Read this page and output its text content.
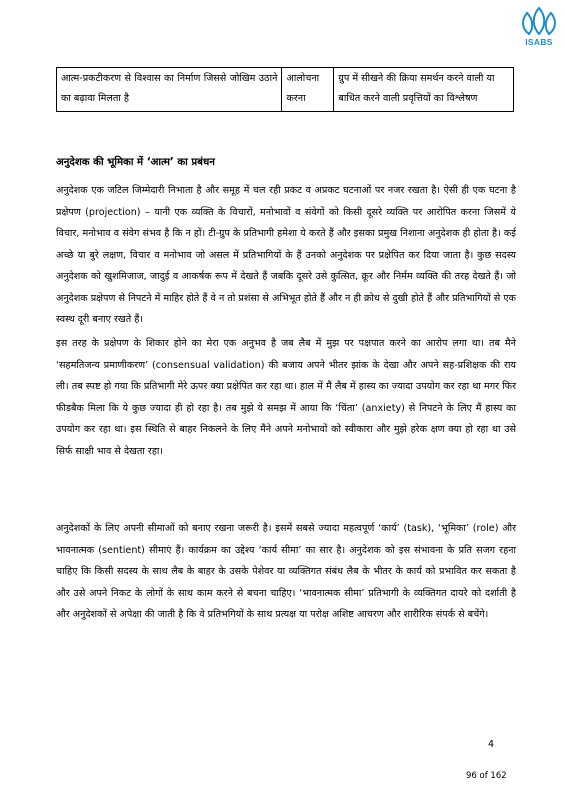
ISABS
आत्म-प्रकटीकरण से विश्वास का निर्माण जिससे जोखिम उठाने का बढ़ावा मिलता है	आलोचना करना	ग्रुप में सीखने की क्रिया समर्थन करने वाली या बाधित करने वाली प्रवृत्तियों का विश्लेषण
अनुदेशक की भूमिका में ‘आत्म’ का प्रबंधन

अनुदेशक एक जटिल जिम्मेदारी निभाता है और समूह में चल रही प्रकट व अप्रकट घटनाओं पर नजर रखता है। ऐसी ही एक घटना है प्रक्षेपण (projection) – यानी एक व्यक्ति के विचारों, मनोभावों व संवेगों को किसी दूसरे व्यक्ति पर आरोपित करना जिसमें ये विचार, मनोभाव व संवेग संभव है कि न हों। टी-ग्रुप के प्रतिभागी हमेशा ये करते हैं और इसका प्रमुख निशाना अनुदेशक ही होता है। कई अच्छे या बुरे लक्षण, विचार व मनोभाव जो असल में प्रतिभागियों के हैं उनको अनुदेशक पर प्रक्षेपित कर दिया जाता है। कुछ सदस्य अनुदेशक को खुशमिजाज, जादुई व आकर्षक रूप में देखते हैं जबकि दूसरे उसे कुत्सित, क्रूर और निर्मम व्यक्ति की तरह देखते हैं। जो अनुदेशक प्रक्षेपण से निपटने में माहिर होते हैं वे न तो प्रशंसा से अभिभूत होते हैं और न ही क्रोध से दुखी होते हैं और प्रतिभागियों से एक स्वस्थ दूरी बनाए रखते हैं।

इस तरह के प्रक्षेपण के शिकार होने का मेरा एक अनुभव है जब लैब में मुझ पर पक्षपात करने का आरोप लगा था। तब मैने ‘सहमतिजन्य प्रमाणीकरण’ (consensual validation) की बजाय अपने भीतर झांक के देखा और अपने सह-प्रशिक्षक की राय ली। तब स्पष्ट हो गया कि प्रतिभागी मेरे ऊपर क्या प्रक्षेपित कर रहा था। हाल में मैं लैब में हास्य का ज्यादा उपयोग कर रहा था मगर फिर फीडबैक मिला कि ये कुछ ज्यादा ही हो रहा है। तब मुझे ये समझ में आया कि ‘चिंता’ (anxiety) से निपटने के लिए मैं हास्य का उपयोग कर रहा था। इस स्थिति से बाहर निकलने के लिए मैंने अपने मनोभावों को स्वीकारा और मुझे हरेक क्षण क्या हो रहा था उसे सिर्फ साक्षी भाव से देखता रहा।

अनुदेशकों के लिए अपनी सीमाओं को बनाए रखना जरूरी है। इसमें सबसे ज्यादा महत्वपूर्ण ‘कार्य’ (task), ‘भूमिका’ (role) और भावनात्मक (sentient) सीमाएं हैं। कार्यक्रम का उद्देश्य ‘कार्य सीमा’ का सार है। अनुदेशक को इस संभावना के प्रति सजग रहना चाहिए कि किसी सदस्य के साथ लैब के बाहर के उसके पेशेवर या व्यक्तिगत संबंध लैब के भीतर के कार्य को प्रभावित कर सकता है और उसे अपने निकट के लोगों के साथ काम करने से बचना चाहिए। ‘भावनात्मक सीमा’ प्रतिभागी के व्यक्तिगत दायरे को दर्शाती है और अनुदेशकों से अपेक्षा की जाती है कि वे प्रतिभगियों के साथ प्रत्यक्ष या परोक्ष अशिष्ट आचरण और शारीरिक संपर्क से बचेंगे।

4
96 of 162
